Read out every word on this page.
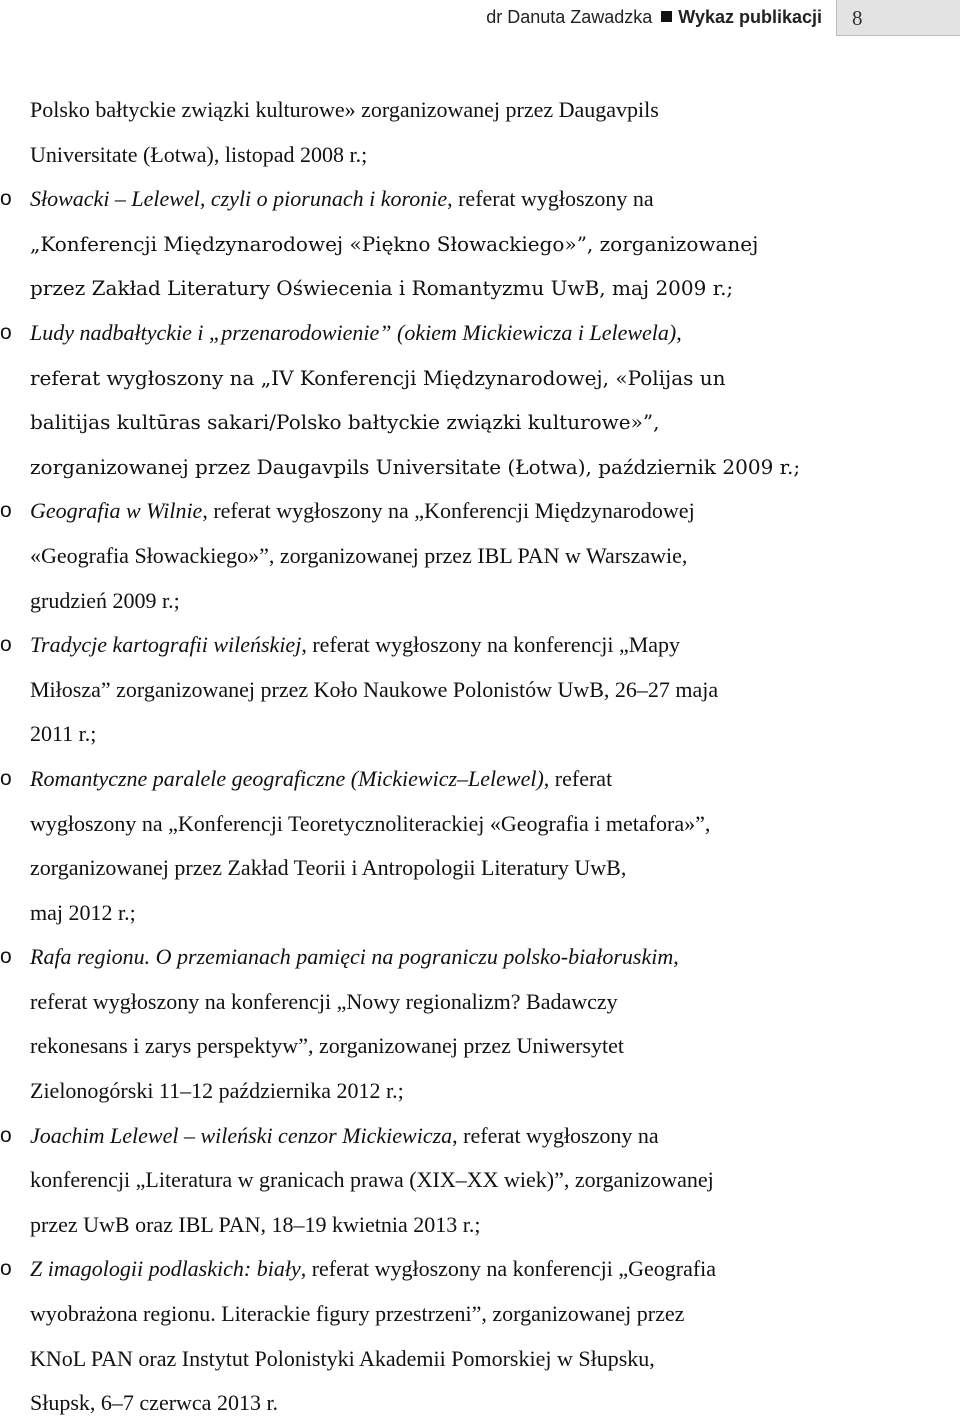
dr Danuta Zawadzka Wykaz publikacji	8
Polsko bałtyckie związki kulturowe» zorganizowanej przez Daugavpils
Universitate (Łotwa), listopad 2008 r.;
o Słowacki – Lelewel, czyli o piorunach i koronie, referat wygłoszony na
„Konferencji Międzynarodowej «Piękno Słowackiego»”, zorganizowanej
przez Zakład Literatury Oświecenia i Romantyzmu UwB, maj 2009 r.;
o Ludy nadbałtyckie i „przenarodowienie” (okiem Mickiewicza i Lelewela),
referat wygłoszony na „IV Konferencji Międzynarodowej, «Polijas un
balitijas kultūras sakari/Polsko bałtyckie związki kulturowe»”,
zorganizowanej przez Daugavpils Universitate (Łotwa), październik 2009 r.;
o Geografia w Wilnie, referat wygłoszony na „Konferencji Międzynarodowej
«Geografia Słowackiego»”, zorganizowanej przez IBL PAN w Warszawie,
grudzień 2009 r.;
o Tradycje kartografii wileńskiej, referat wygłoszony na konferencji „Mapy
Miłosza” zorganizowanej przez Koło Naukowe Polonistów UwB, 26–27 maja
2011 r.;
o Romantyczne paralele geograficzne (Mickiewicz–Lelewel), referat
wygłoszony na „Konferencji Teoretycznoliterackiej «Geografia i metafora»”,
zorganizowanej przez Zakład Teorii i Antropologii Literatury UwB,
maj 2012 r.;
o Rafa regionu. O przemianach pamięci na pograniczu polsko-białoruskim,
referat wygłoszony na konferencji „Nowy regionalizm? Badawczy
rekonesans i zarys perspektyw”, zorganizowanej przez Uniwersytet
Zielonogórski 11–12 października 2012 r.;
o Joachim Lelewel – wileński cenzor Mickiewicza, referat wygłoszony na
konferencji „Literatura w granicach prawa (XIX–XX wiek)”, zorganizowanej
przez UwB oraz IBL PAN, 18–19 kwietnia 2013 r.;
o Z imagologii podlaskich: biały, referat wygłoszony na konferencji „Geografia
wyobrażona regionu. Literackie figury przestrzeni”, zorganizowanej przez
KNoL PAN oraz Instytut Polonistyki Akademii Pomorskiej w Słupsku,
Słupsk, 6–7 czerwca 2013 r.
